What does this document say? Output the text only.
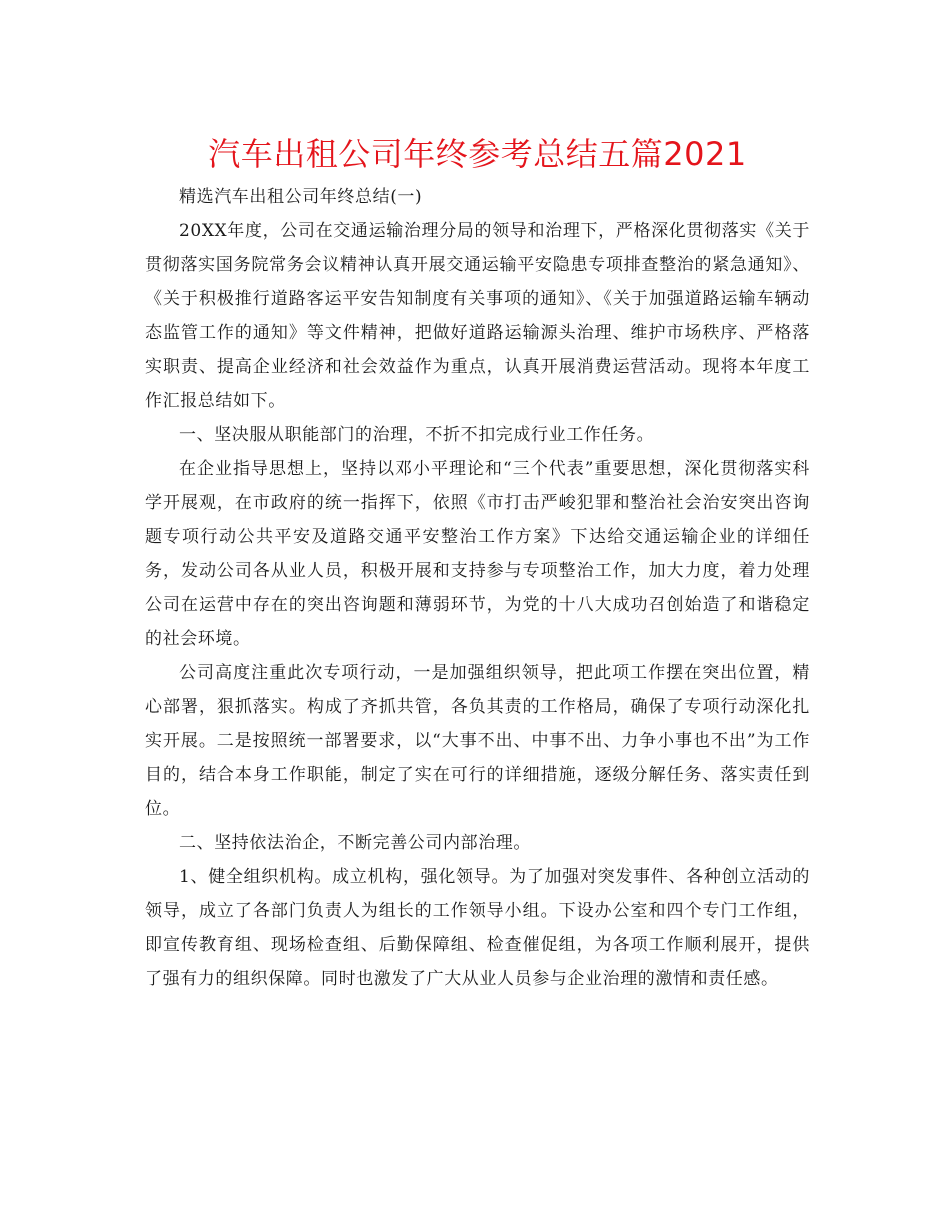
汽车出租公司年终参考总结五篇2021

精选汽车出租公司年终总结(一)

20XX年度，公司在交通运输治理分局的领导和治理下，严格深化贯彻落实《关于贯彻落实国务院常务会议精神认真开展交通运输平安隐患专项排查整治的紧急通知》、《关于积极推行道路客运平安告知制度有关事项的通知》、《关于加强道路运输车辆动态监管工作的通知》等文件精神，把做好道路运输源头治理、维护市场秩序、严格落实职责、提高企业经济和社会效益作为重点，认真开展消费运营活动。现将本年度工作汇报总结如下。

一、坚决服从职能部门的治理，不折不扣完成行业工作任务。

在企业指导思想上，坚持以邓小平理论和“三个代表”重要思想，深化贯彻落实科学开展观，在市政府的统一指挥下，依照《市打击严峻犯罪和整治社会治安突出咨询题专项行动公共平安及道路交通平安整治工作方案》下达给交通运输企业的详细任务，发动公司各从业人员，积极开展和支持参与专项整治工作，加大力度，着力处理公司在运营中存在的突出咨询题和薄弱环节，为党的十八大成功召创始造了和谐稳定的社会环境。

公司高度注重此次专项行动，一是加强组织领导，把此项工作摆在突出位置，精心部署，狠抓落实。构成了齐抓共管，各负其责的工作格局，确保了专项行动深化扎实开展。二是按照统一部署要求，以“大事不出、中事不出、力争小事也不出”为工作目的，结合本身工作职能，制定了实在可行的详细措施，逐级分解任务、落实责任到位。

二、坚持依法治企，不断完善公司内部治理。

1、健全组织机构。成立机构，强化领导。为了加强对突发事件、各种创立活动的领导，成立了各部门负责人为组长的工作领导小组。下设办公室和四个专门工作组，即宣传教育组、现场检查组、后勤保障组、检查催促组，为各项工作顺利展开，提供了强有力的组织保障。同时也激发了广大从业人员参与企业治理的激情和责任感。
